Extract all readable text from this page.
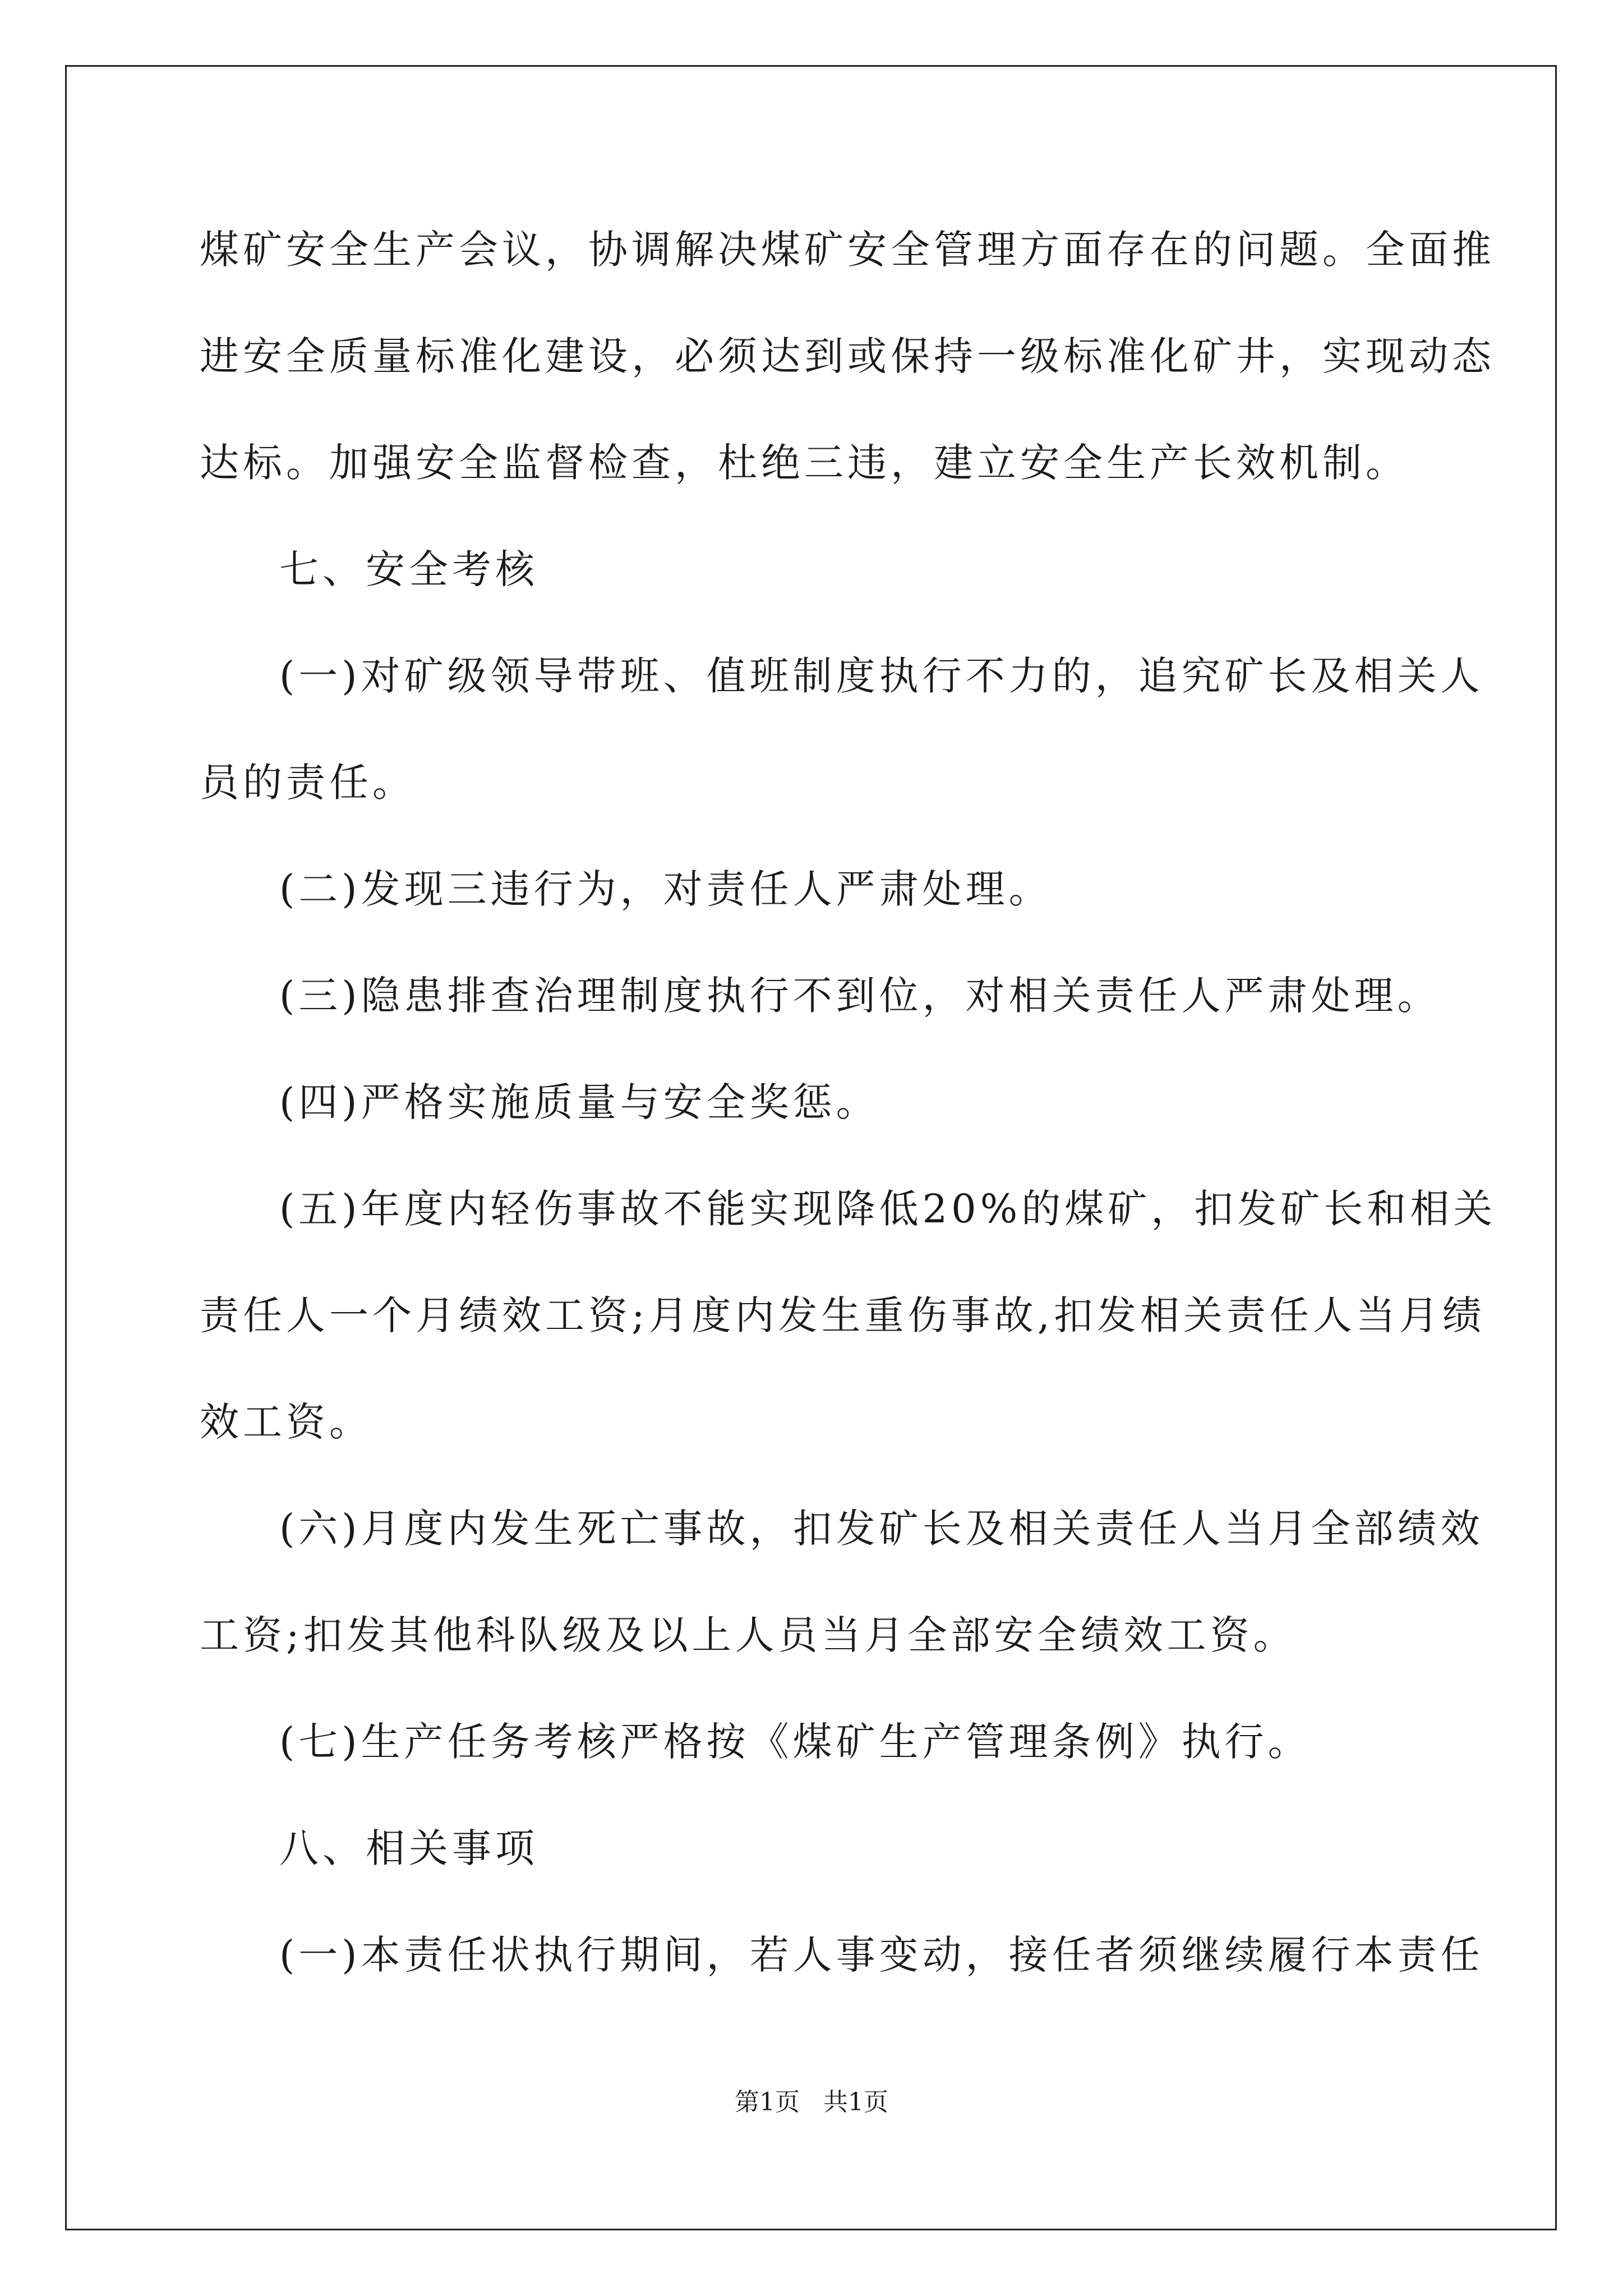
煤矿安全生产会议，协调解决煤矿安全管理方面存在的问题。全面推
进安全质量标准化建设，必须达到或保持一级标准化矿井，实现动态
达标。加强安全监督检查，杜绝三违，建立安全生产长效机制。
七、安全考核
(一)对矿级领导带班、值班制度执行不力的，追究矿长及相关人
员的责任。
(二)发现三违行为，对责任人严肃处理。
(三)隐患排查治理制度执行不到位，对相关责任人严肃处理。
(四)严格实施质量与安全奖惩。
(五)年度内轻伤事故不能实现降低20%的煤矿，扣发矿长和相关
责任人一个月绩效工资;月度内发生重伤事故,扣发相关责任人当月绩
效工资。
(六)月度内发生死亡事故，扣发矿长及相关责任人当月全部绩效
工资;扣发其他科队级及以上人员当月全部安全绩效工资。
(七)生产任务考核严格按《煤矿生产管理条例》执行。
八、相关事项
(一)本责任状执行期间，若人事变动，接任者须继续履行本责任
第1页 共1页
